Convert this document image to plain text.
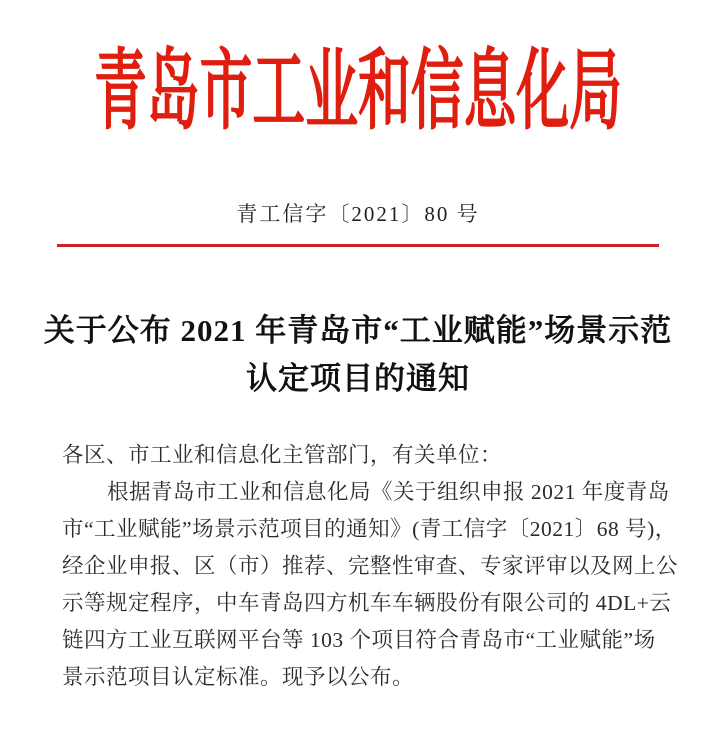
青岛市工业和信息化局
青工信字〔2021〕80 号
关于公布 2021 年青岛市“工业赋能”场景示范
认定项目的通知
各区、市工业和信息化主管部门，有关单位：
根据青岛市工业和信息化局《关于组织申报 2021 年度青岛
市“工业赋能”场景示范项目的通知》(青工信字〔2021〕68 号)，
经企业申报、区（市）推荐、完整性审查、专家评审以及网上公
示等规定程序，中车青岛四方机车车辆股份有限公司的 4DL+云
链四方工业互联网平台等 103 个项目符合青岛市“工业赋能”场
景示范项目认定标准。现予以公布。
